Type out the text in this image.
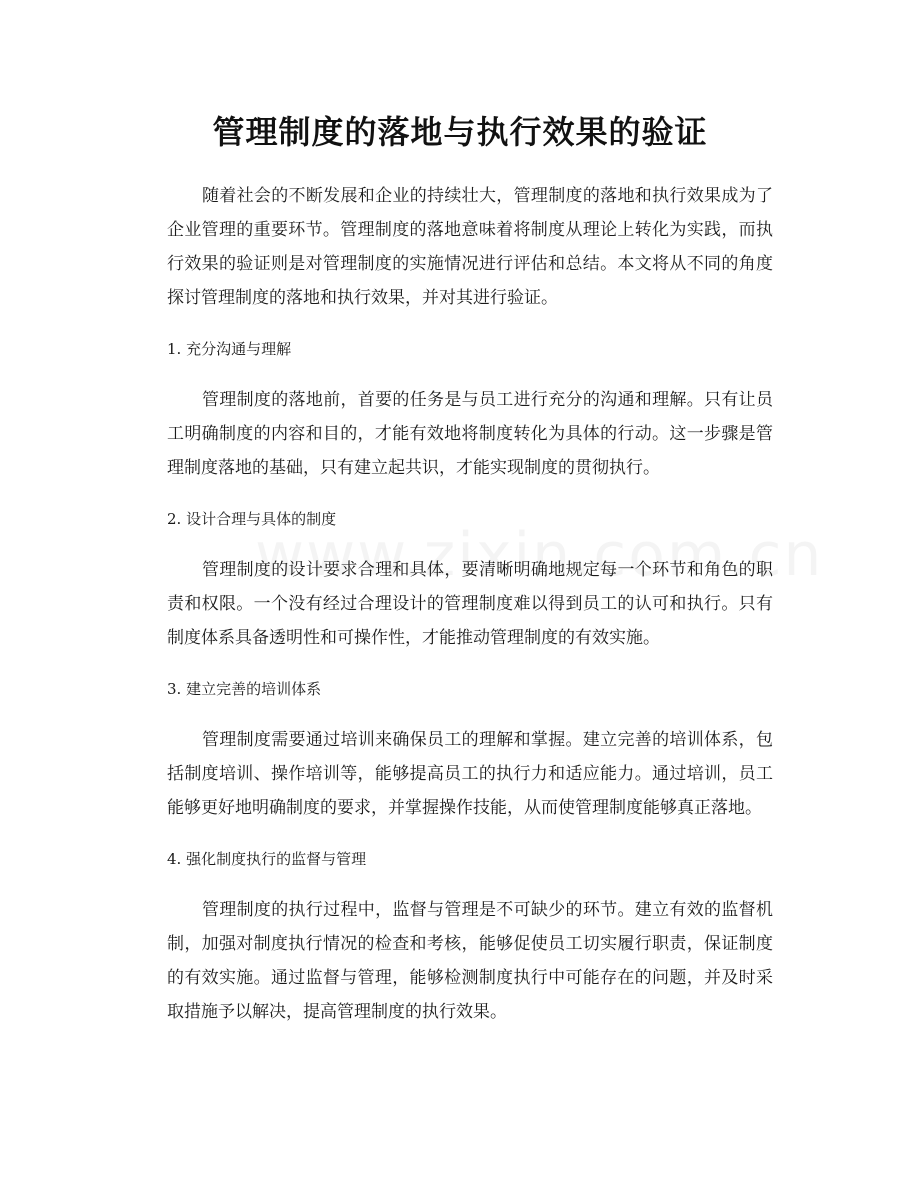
管理制度的落地与执行效果的验证

随着社会的不断发展和企业的持续壮大，管理制度的落地和执行效果成为了企业管理的重要环节。管理制度的落地意味着将制度从理论上转化为实践，而执行效果的验证则是对管理制度的实施情况进行评估和总结。本文将从不同的角度探讨管理制度的落地和执行效果，并对其进行验证。

1. 充分沟通与理解

管理制度的落地前，首要的任务是与员工进行充分的沟通和理解。只有让员工明确制度的内容和目的，才能有效地将制度转化为具体的行动。这一步骤是管理制度落地的基础，只有建立起共识，才能实现制度的贯彻执行。

2. 设计合理与具体的制度

管理制度的设计要求合理和具体，要清晰明确地规定每一个环节和角色的职责和权限。一个没有经过合理设计的管理制度难以得到员工的认可和执行。只有制度体系具备透明性和可操作性，才能推动管理制度的有效实施。

3. 建立完善的培训体系

管理制度需要通过培训来确保员工的理解和掌握。建立完善的培训体系，包括制度培训、操作培训等，能够提高员工的执行力和适应能力。通过培训，员工能够更好地明确制度的要求，并掌握操作技能，从而使管理制度能够真正落地。

4. 强化制度执行的监督与管理

管理制度的执行过程中，监督与管理是不可缺少的环节。建立有效的监督机制，加强对制度执行情况的检查和考核，能够促使员工切实履行职责，保证制度的有效实施。通过监督与管理，能够检测制度执行中可能存在的问题，并及时采取措施予以解决，提高管理制度的执行效果。
